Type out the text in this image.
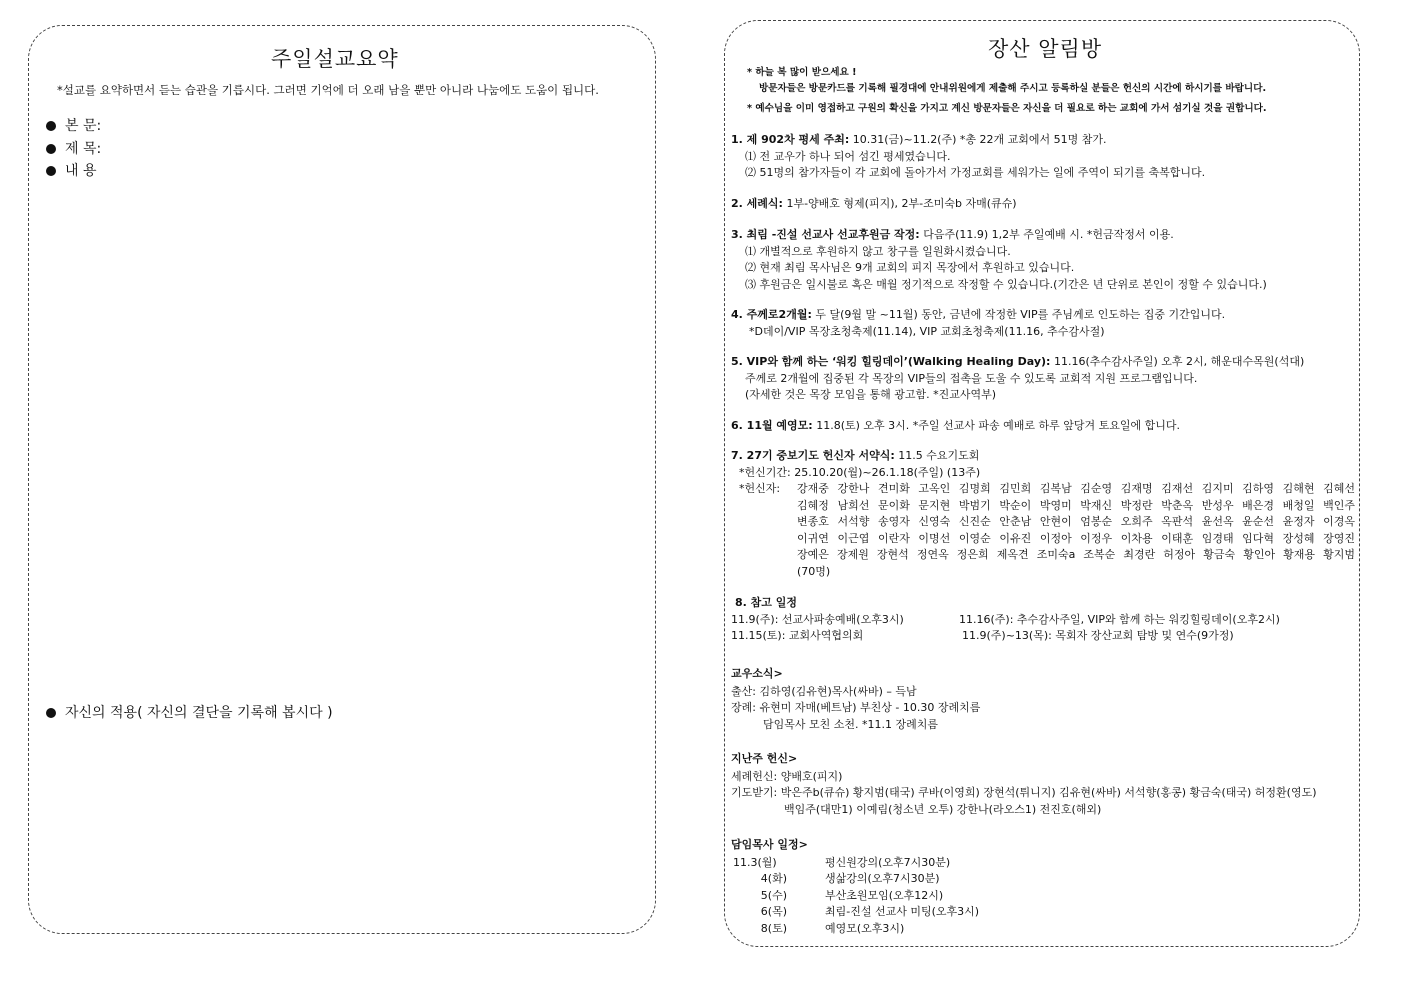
주일설교요약
*설교를 요약하면서 듣는 습관을 기릅시다. 그러면 기억에 더 오래 남을 뿐만 아니라 나눔에도 도움이 됩니다.
본 문:
제 목:
내 용
자신의 적용( 자신의 결단을 기록해 봅시다 )
장산 알림방
* 하늘 복 많이 받으세요 !
방문자들은 방문카드를 기록해 필경대에 안내위원에게 제출해 주시고 등록하실 분들은 헌신의 시간에 하시기를 바랍니다.
* 예수님을 이미 영접하고 구원의 확신을 가지고 계신 방문자들은 자신을 더 필요로 하는 교회에 가서 섬기실 것을 권합니다.
1. 제 902차 평세 주최: 10.31(금)~11.2(주) *총 22개 교회에서 51명 참가.
⑴ 전 교우가 하나 되어 섬긴 평세였습니다.
⑵ 51명의 참가자들이 각 교회에 돌아가서 가정교회를 세워가는 일에 주역이 되기를 축복합니다.
2. 세례식: 1부-양배호 형제(피지), 2부-조미숙b 자매(큐슈)
3. 최림 -진설 선교사 선교후원금 작정: 다음주(11.9) 1,2부 주일예배 시. *헌금작정서 이용.
⑴ 개별적으로 후원하지 않고 창구를 일원화시켰습니다.
⑵ 현재 최림 목사님은 9개 교회의 피지 목장에서 후원하고 있습니다.
⑶ 후원금은 일시불로 혹은 매월 정기적으로 작정할 수 있습니다.(기간은 년 단위로 본인이 정할 수 있습니다.)
4. 주께로2개월: 두 달(9월 말 ~11월) 동안, 금년에 작정한 VIP를 주님께로 인도하는 집중 기간입니다.
*D데이/VIP 목장초청축제(11.14), VIP 교회초청축제(11.16, 추수감사절)
5. VIP와 함께 하는 ‘워킹 힐링데이’(Walking Healing Day): 11.16(추수감사주일) 오후 2시, 해운대수목원(석대)
주께로 2개월에 집중된 각 목장의 VIP들의 접촉을 도울 수 있도록 교회적 지원 프로그램입니다.
(자세한 것은 목장 모임을 통해 광고함. *진교사역부)
6. 11월 예영모: 11.8(토) 오후 3시. *주일 선교사 파송 예배로 하루 앞당겨 토요일에 합니다.
7. 27기 중보기도 헌신자 서약식: 11.5 수요기도회
*헌신기간: 25.10.20(월)~26.1.18(주일) (13주)
*헌신자:	강재중 강한나 견미화 고옥인 김명희 김민희 김복남 김순영 김재명 김재선 김지미 김하영 김해현 김혜선 김혜정 남희선 문이화 문지현 박범기 박순이 박영미 박재신 박정란 박춘옥 반성우 배은경 배청일 백인주 변종호 서석향 송영자 신영숙 신진순 안춘남 안현이 엄봉순 오희주 옥판석 윤선옥 윤순선 윤정자 이경옥 이귀연 이근엽 이란자 이명선 이영순 이유진 이정아 이정우 이차용 이태훈 임경태 임다혁 장성혜 장영진 장예은 장제원 장현석 정연옥 정은희 제옥견 조미숙a 조복순 최경란 허정아 황금숙 황인아 황재용 황지범 (70명)
8. 참고 일정
11.9(주): 선교사파송예배(오후3시)	11.16(주): 추수감사주일, VIP와 함께 하는 워킹힐링데이(오후2시)
11.15(토): 교회사역협의회	11.9(주)~13(목): 목회자 장산교회 탐방 및 연수(9가정)
교우소식>
출산: 김하영(김유현)목사(싸바) – 득남
장례: 유현미 자매(베트남) 부친상 - 10.30 장례치름
담임목사 모친 소천. *11.1 장례치름
지난주 헌신>
세례헌신: 양배호(피지)
기도받기: 박은주b(큐슈) 황지범(태국) 쿠바(이영희) 장현석(튀니지) 김유현(싸바) 서석향(홍콩) 황금숙(태국) 허정환(영도)
백임주(대만1) 이예림(청소년 오투) 강한나(라오스1) 전진호(해외)
담임목사 일정>
11.3(월)	평신원강의(오후7시30분)
4(화)	생삶강의(오후7시30분)
5(수)	부산초원모임(오후12시)
6(목)	최림-진설 선교사 미팅(오후3시)
8(토)	예영모(오후3시)
